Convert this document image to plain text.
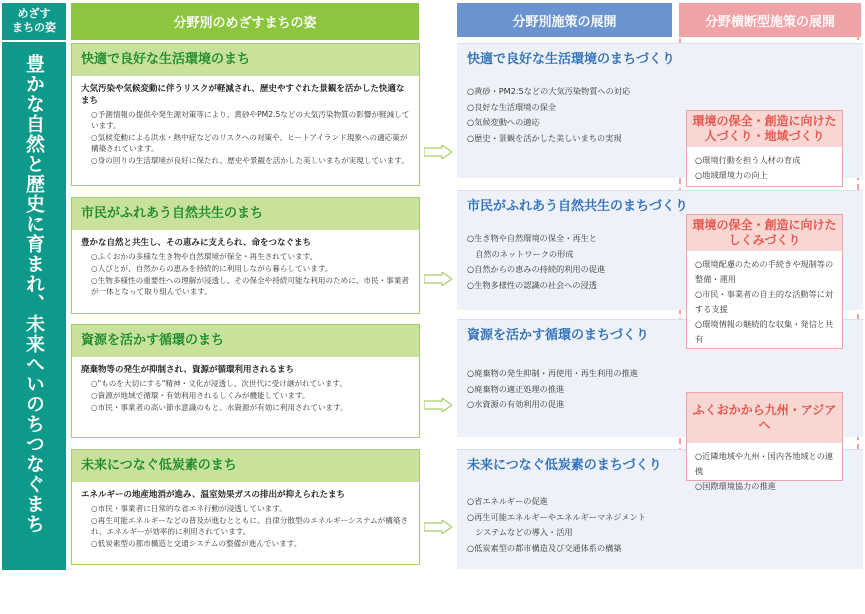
めざす
まちの姿	分野別のめざすまちの姿	分野別施策の展開	分野横断型施策の展開
豊かな自然と歴史に育まれ、未来へいのちつなぐまち	快適で良好な生活環境のまち
大気汚染や気候変動に伴うリスクが軽減され、歴史やすぐれた景観を活かした快適なまち
○予測情報の提供や発生源対策等により、黄砂やPM2.5などの大気汚染物質の影響が軽減しています。
○気候変動による洪水・熱中症などのリスクへの対策や、ヒートアイランド現象への適応策が構築されています。
○身の回りの生活環境が良好に保たれ、歴史や景観を活かした美しいまちが実現しています。
市民がふれあう自然共生のまち
豊かな自然と共生し、その恵みに支えられ、命をつなぐまち
○ふくおかの多様な生き物や自然環境が保全・再生されています。
○人びとが、自然からの恵みを持続的に利用しながら暮らしています。
○生物多様性の重要性への理解が浸透し、その保全や持続可能な利用のために、市民・事業者が一体となって取り組んでいます。
資源を活かす循環のまち
廃棄物等の発生が抑制され、資源が循環利用されるまち
○"ものを大切にする"精神・文化が浸透し、次世代に受け継がれています。
○資源が地域で循環・有効利用されるしくみが機能しています。
○市民・事業者の高い節水意識のもと、水資源が有効に利用されています。
未来につなぐ低炭素のまち
エネルギーの地産地消が進み、温室効果ガスの排出が抑えられたまち
○市民・事業者に日常的な省エネ行動が浸透しています。
○再生可能エネルギーなどの普及が進むとともに、自律分散型のエネルギーシステムが構築され、エネルギーが効率的に利用されています。
○低炭素型の都市構造と交通システムの整備が進んでいます。
快適で良好な生活環境のまちづくり
○黄砂・PM2.5などの大気汚染物質への対応
○良好な生活環境の保全
○気候変動への適応
○歴史・景観を活かした美しいまちの実現
市民がふれあう自然共生のまちづくり
○生き物や自然環境の保全・再生と
　自然のネットワークの形成
○自然からの恵みの持続的利用の促進
○生物多様性の認識の社会への浸透
資源を活かす循環のまちづくり
○廃棄物の発生抑制・再使用・再生利用の推進
○廃棄物の適正処理の推進
○水資源の有効利用の促進
未来につなぐ低炭素のまちづくり
○省エネルギーの促進
○再生可能エネルギーやエネルギーマネジメント
　システムなどの導入・活用
○低炭素型の都市構造及び交通体系の構築
環境の保全・創造に向けた人づくり・地域づくり
○環境行動を担う人材の育成
○地域環境力の向上
環境の保全・創造に向けたしくみづくり
○環境配慮のための手続きや規制等の整備・運用
○市民・事業者の自主的な活動等に対する支援
○環境情報の継続的な収集・発信と共有
ふくおかから九州・アジアへ
○近隣地域や九州・国内各地域との連携
○国際環境協力の推進
